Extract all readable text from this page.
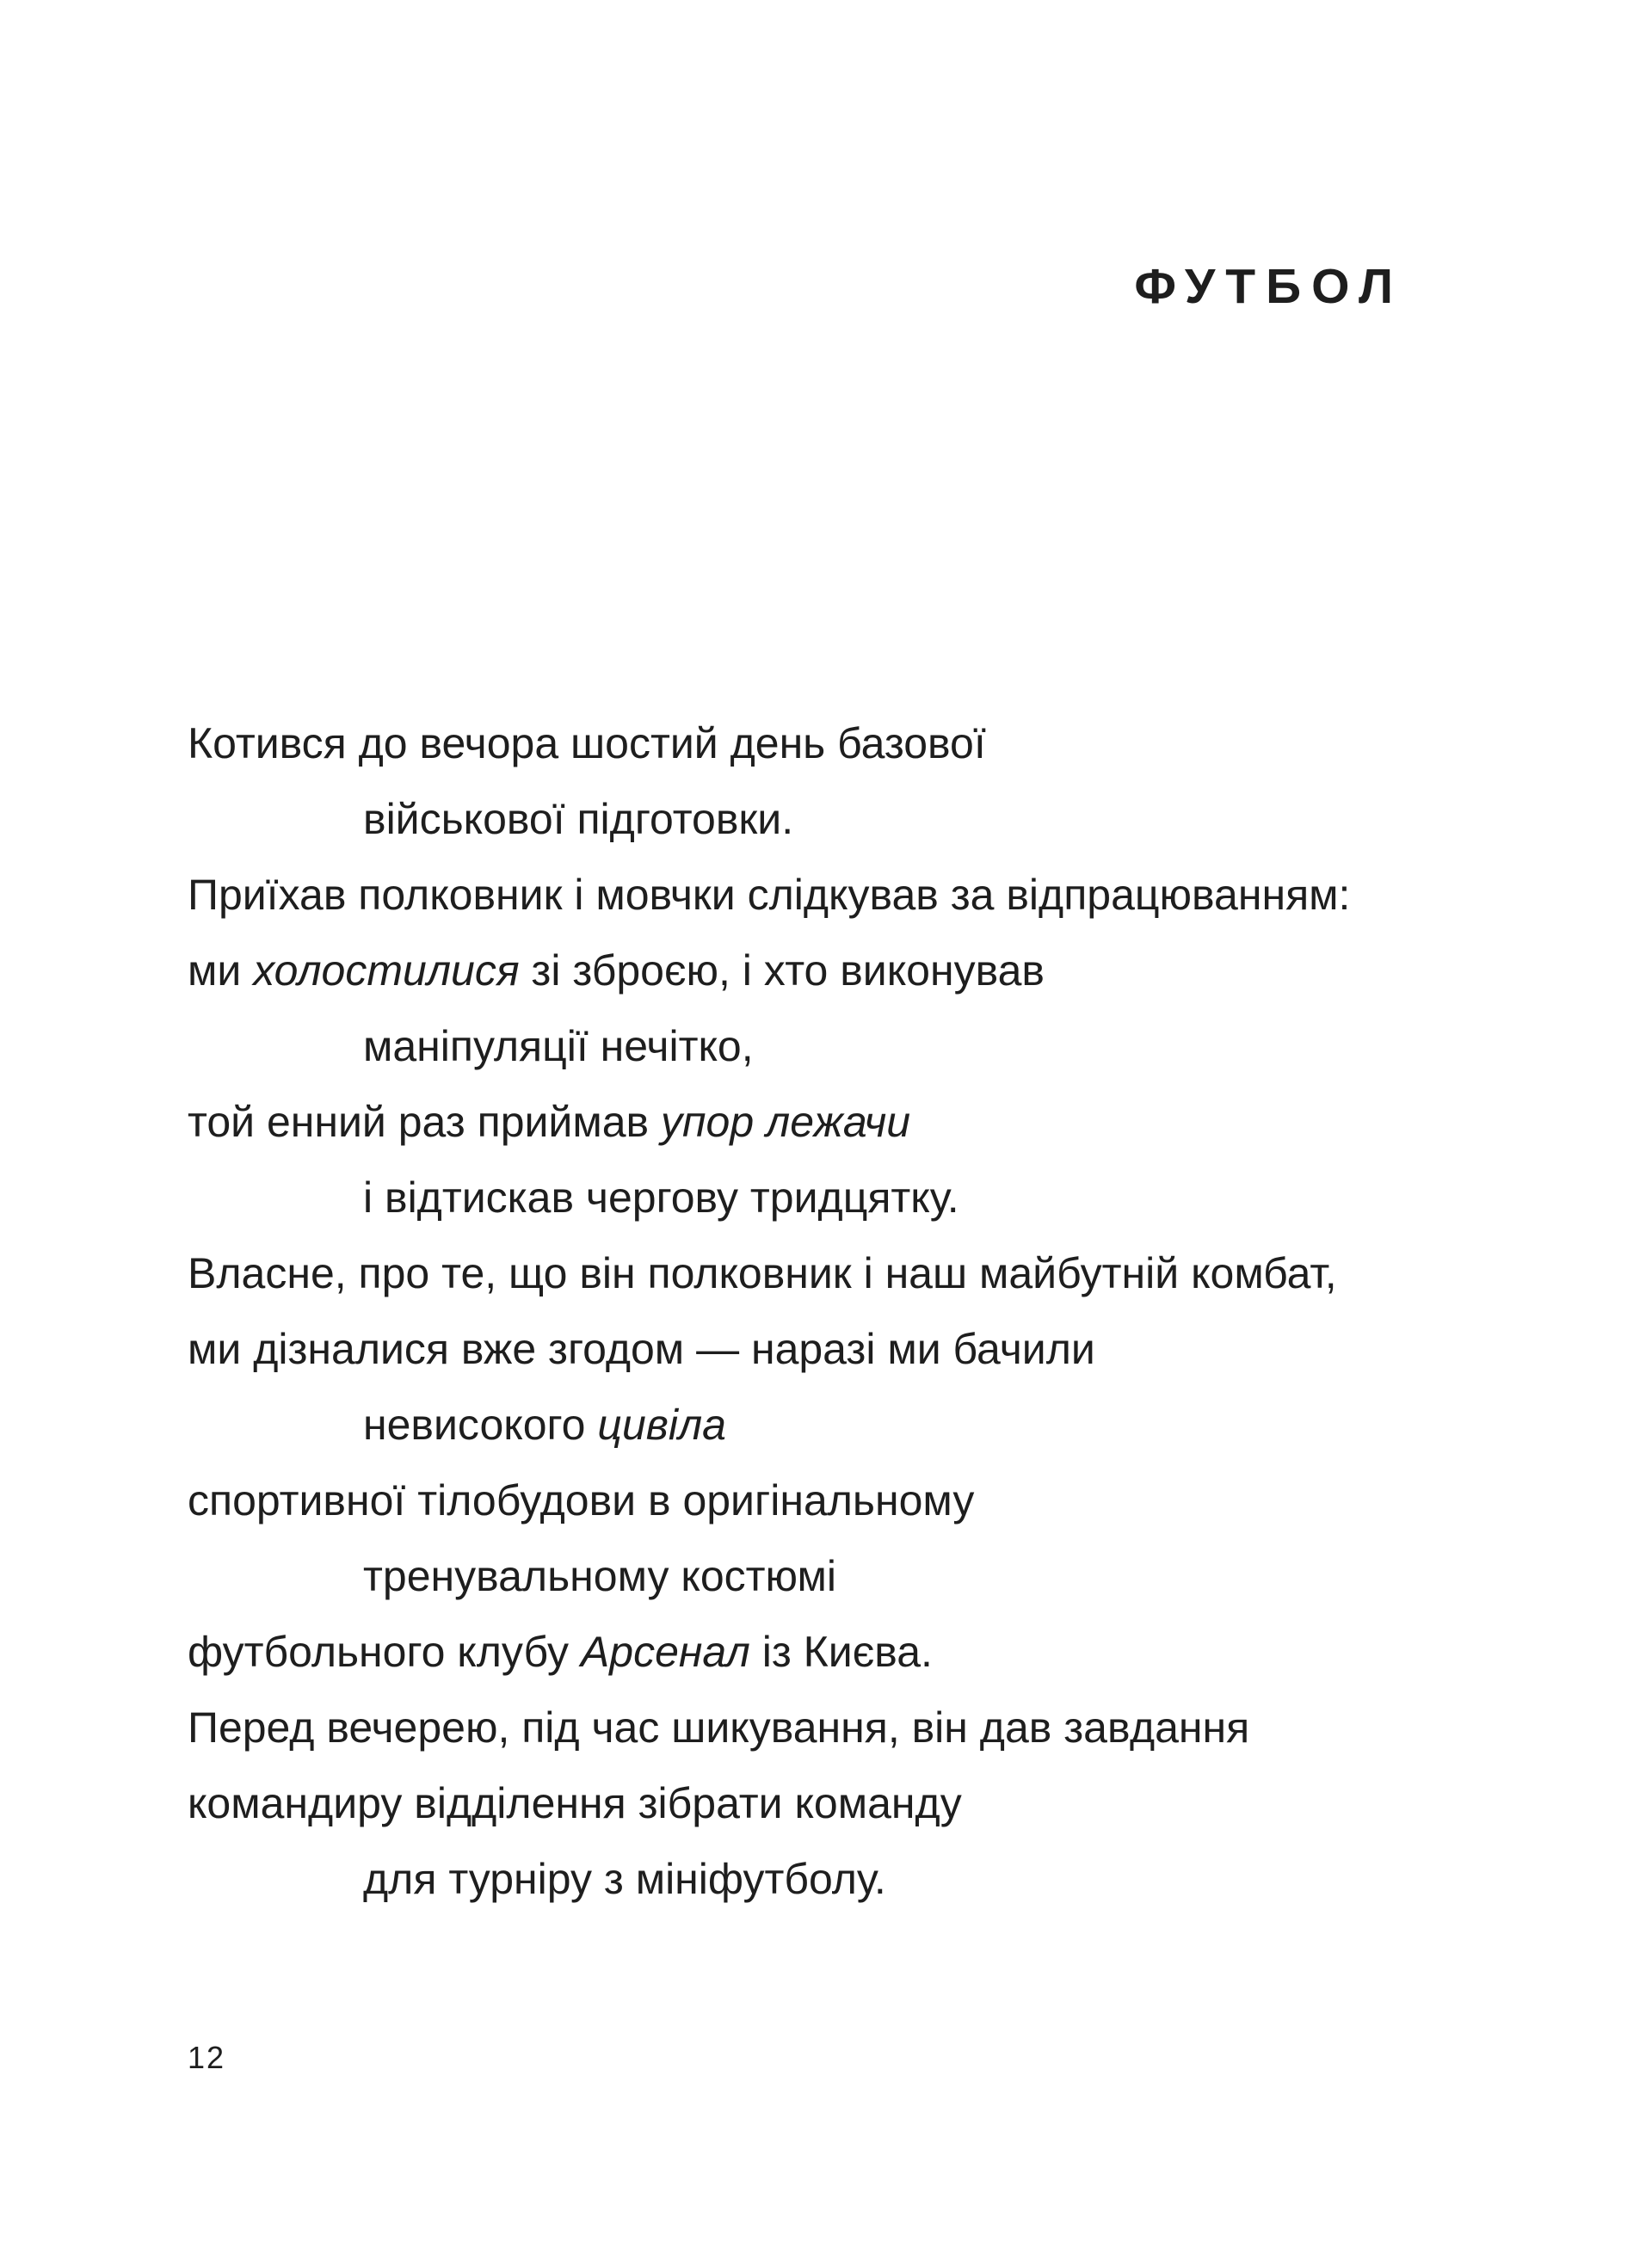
ФУТБОЛ
Котився до вечора шостий день базової
військової підготовки.
Приїхав полковник і мовчки слідкував за відпрацюванням:
ми холостилися зі зброєю, і хто виконував
маніпуляції нечітко,
той енний раз приймав упор лежачи
і відтискав чергову тридцятку.
Власне, про те, що він полковник і наш майбутній комбат,
ми дізналися вже згодом — наразі ми бачили
невисокого цивіла
спортивної тілобудови в оригінальному
тренувальному костюмі
футбольного клубу Арсенал із Києва.
Перед вечерею, під час шикування, він дав завдання
командиру відділення зібрати команду
для турніру з мініфутболу.
12
